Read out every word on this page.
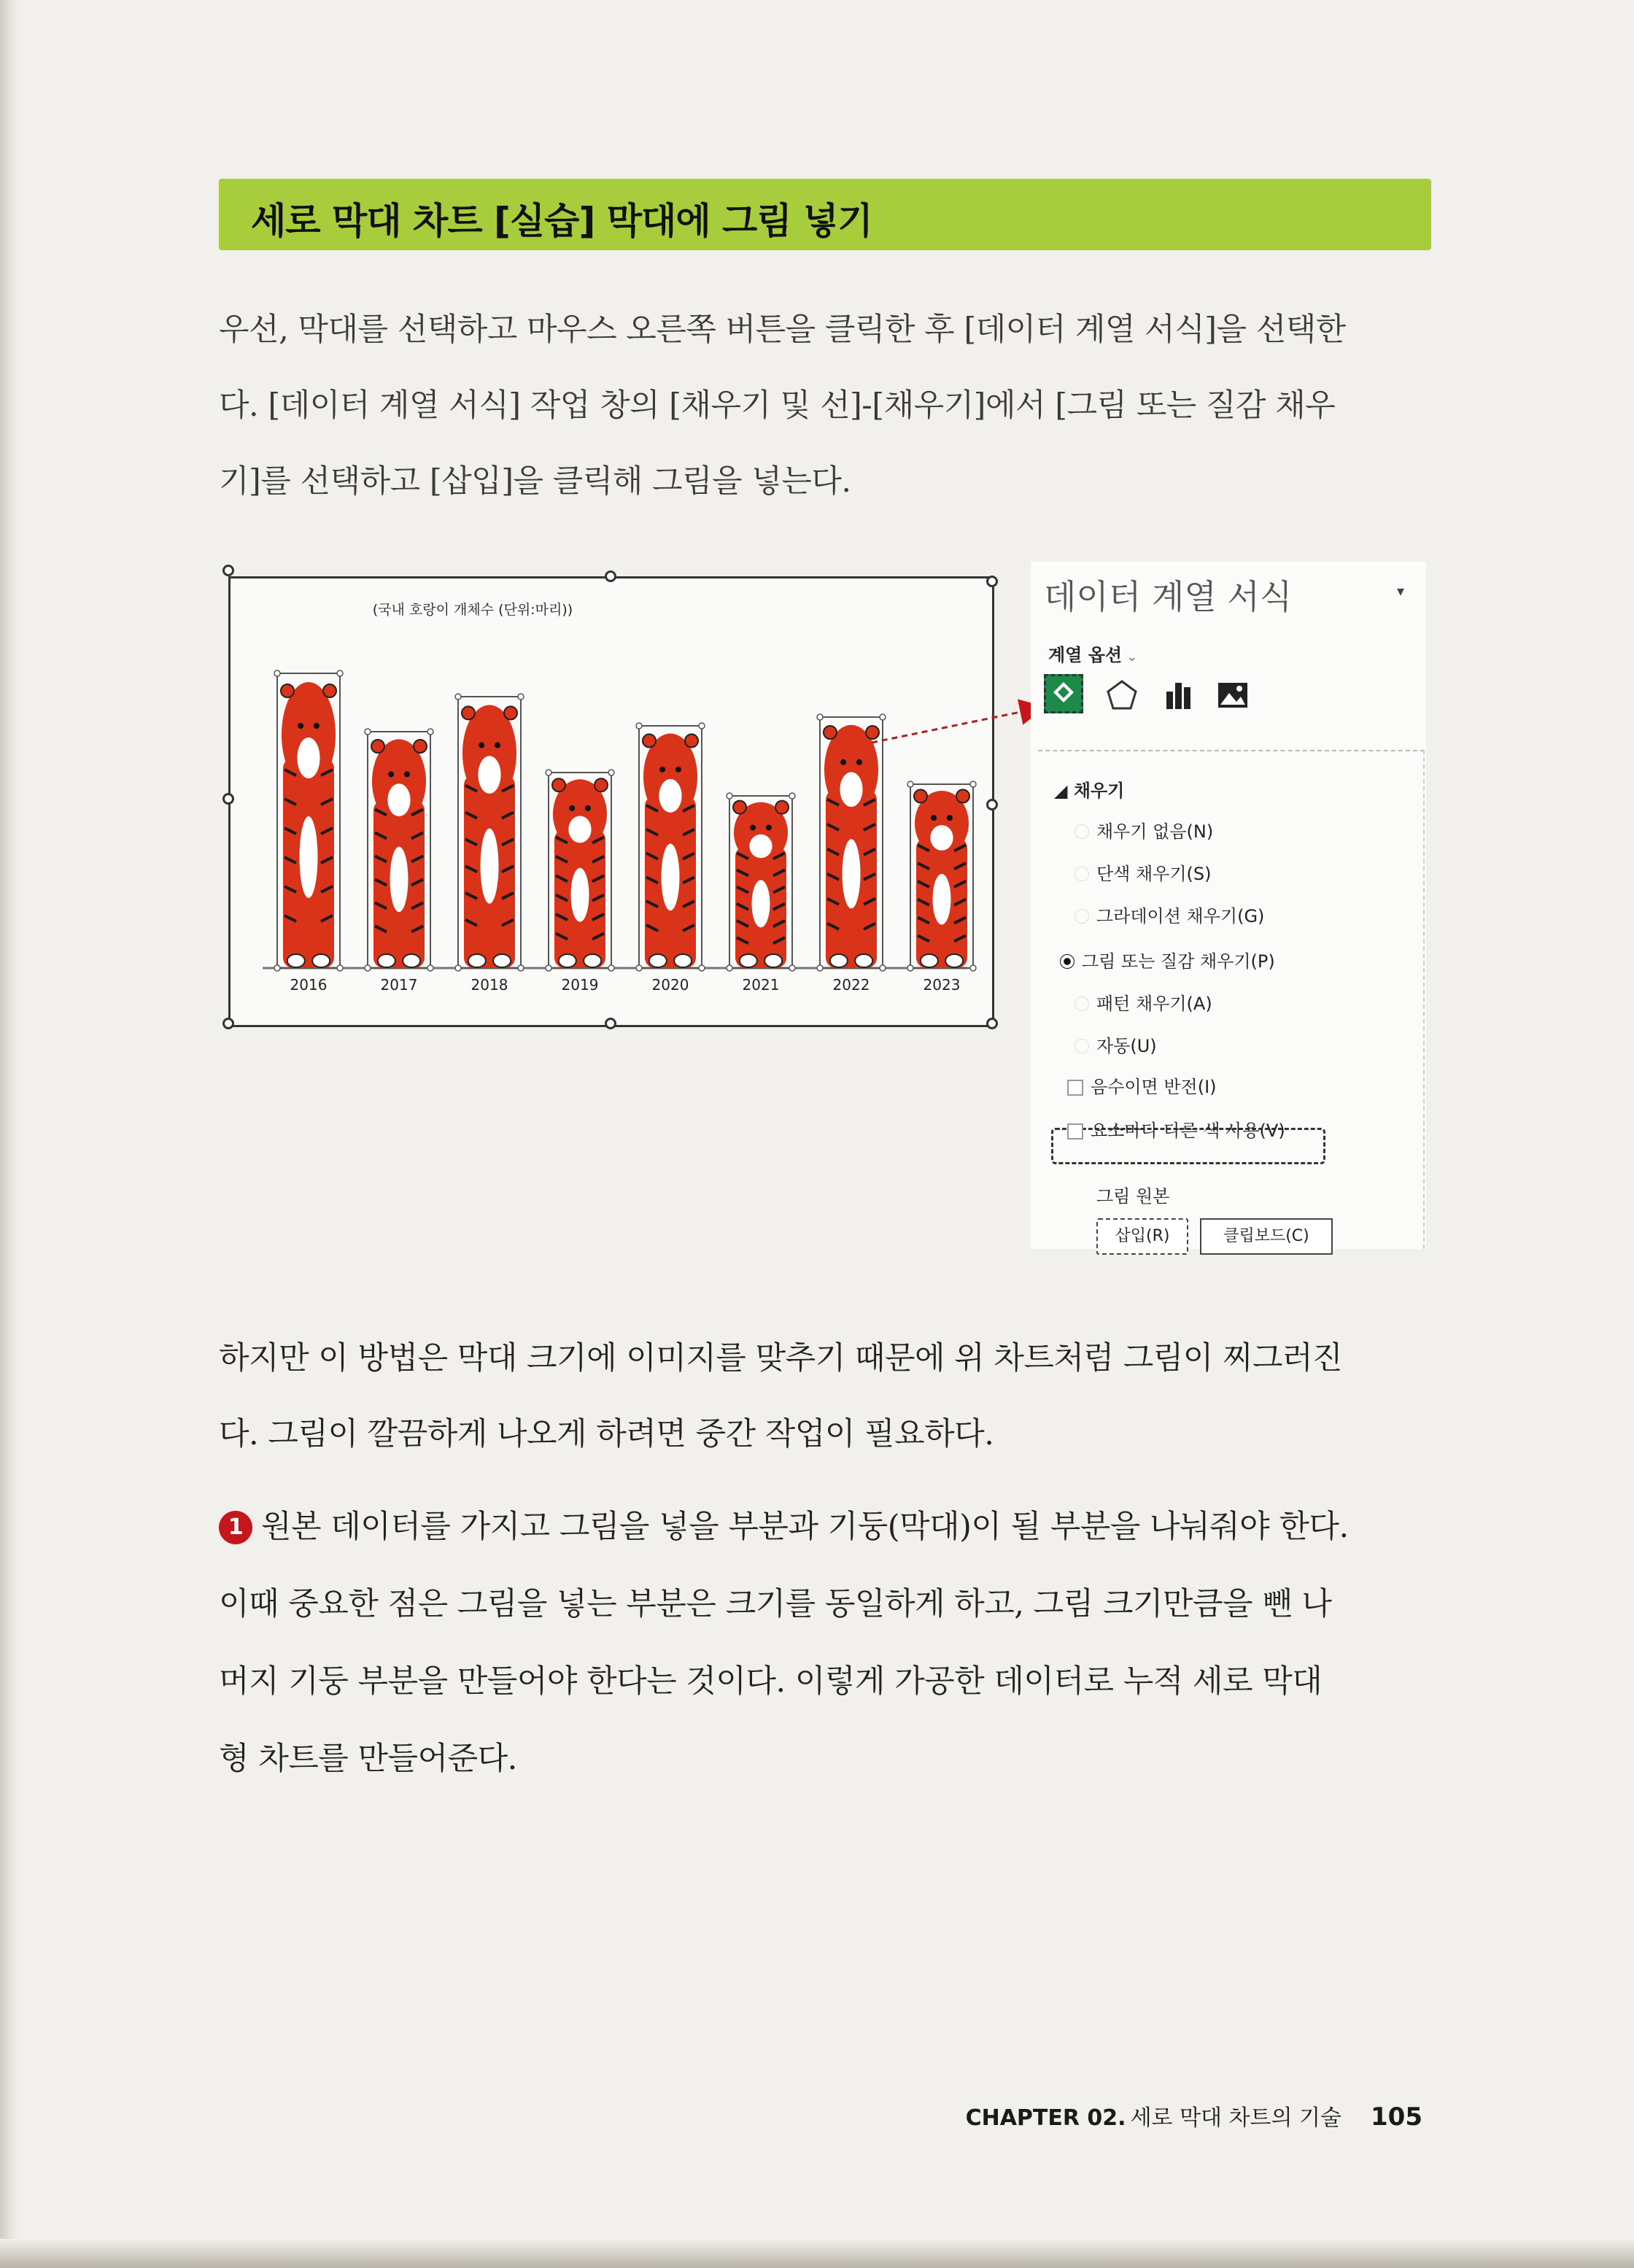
세로 막대 차트 [실습] 막대에 그림 넣기
우선, 막대를 선택하고 마우스 오른쪽 버튼을 클릭한 후 [데이터 계열 서식]을 선택한
다. [데이터 계열 서식] 작업 창의 [채우기 및 선]-[채우기]에서 [그림 또는 질감 채우
기]를 선택하고 [삽입]을 클릭해 그림을 넣는다.
(국내 호랑이 개체수 (단위:마리))
2016	2017	2018	2019	2020	2021	2022	2023
데이터 계열 서식	▾
계열 옵션 ⌄
◢ 채우기
채우기 없음(N)
단색 채우기(S)
그라데이션 채우기(G)
그림 또는 질감 채우기(P)
패턴 채우기(A)
자동(U)
음수이면 반전(I)
요소마다 다른 색 사용(V)
그림 원본
삽입(R)	클립보드(C)
하지만 이 방법은 막대 크기에 이미지를 맞추기 때문에 위 차트처럼 그림이 찌그러진
다. 그림이 깔끔하게 나오게 하려면 중간 작업이 필요하다.
1 원본 데이터를 가지고 그림을 넣을 부분과 기둥(막대)이 될 부분을 나눠줘야 한다.
이때 중요한 점은 그림을 넣는 부분은 크기를 동일하게 하고, 그림 크기만큼을 뺀 나
머지 기둥 부분을 만들어야 한다는 것이다. 이렇게 가공한 데이터로 누적 세로 막대
형 차트를 만들어준다.
CHAPTER 02. 세로 막대 차트의 기술 105
